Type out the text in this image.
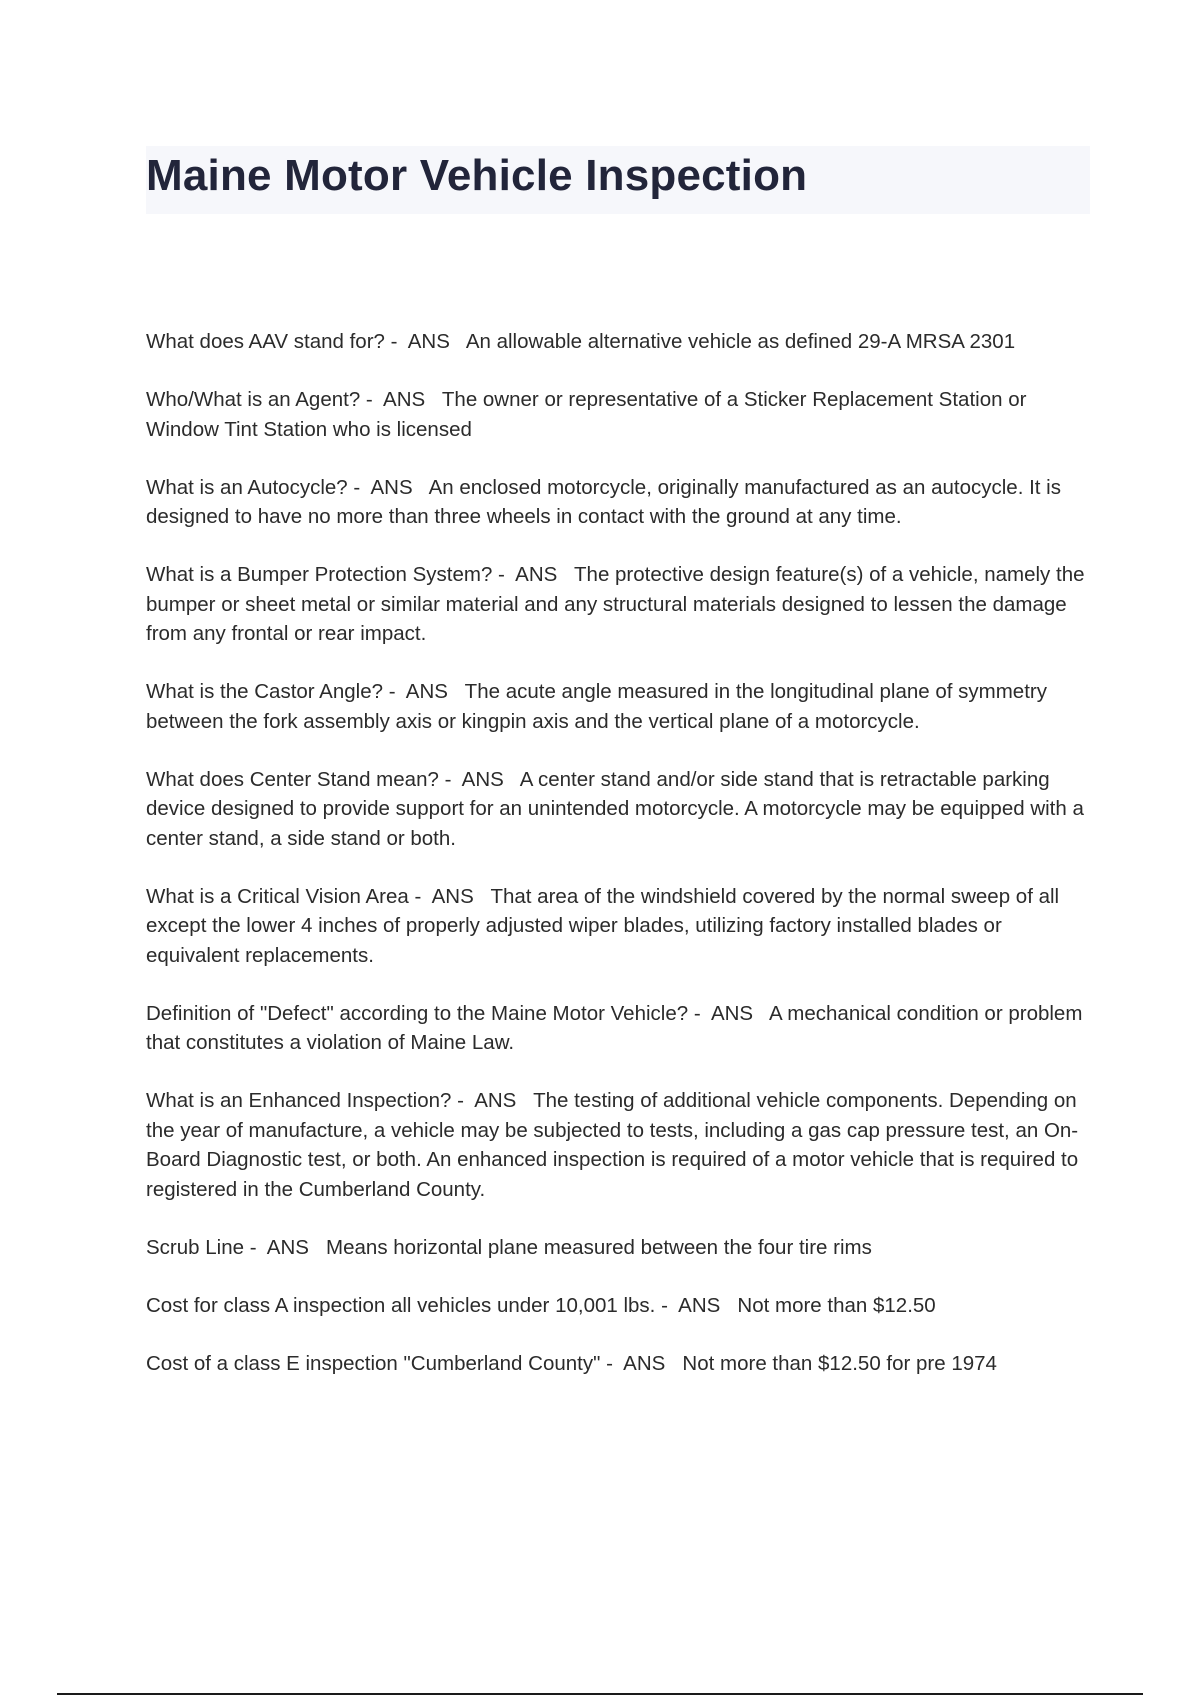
Maine Motor Vehicle Inspection
What does AAV stand for? -  ANS   An allowable alternative vehicle as defined 29-A MRSA 2301
Who/What is an Agent? -  ANS   The owner or representative of a Sticker Replacement Station or Window Tint Station who is licensed
What is an Autocycle? -  ANS   An enclosed motorcycle, originally manufactured as an autocycle. It is designed to have no more than three wheels in contact with the ground at any time.
What is a Bumper Protection System? -  ANS   The protective design feature(s) of a vehicle, namely the bumper or sheet metal or similar material and any structural materials designed to lessen the damage from any frontal or rear impact.
What is the Castor Angle? -  ANS   The acute angle measured in the longitudinal plane of symmetry between the fork assembly axis or kingpin axis and the vertical plane of a motorcycle.
What does Center Stand mean? -  ANS   A center stand and/or side stand that is retractable parking device designed to provide support for an unintended motorcycle. A motorcycle may be equipped with a center stand, a side stand or both.
What is a Critical Vision Area -  ANS   That area of the windshield covered by the normal sweep of all except the lower 4 inches of properly adjusted wiper blades, utilizing factory installed blades or equivalent replacements.
Definition of "Defect" according to the Maine Motor Vehicle? -  ANS   A mechanical condition or problem that constitutes a violation of Maine Law.
What is an Enhanced Inspection? -  ANS   The testing of additional vehicle components. Depending on the year of manufacture, a vehicle may be subjected to tests, including a gas cap pressure test, an On-Board Diagnostic test, or both. An enhanced inspection is required of a motor vehicle that is required to registered in the Cumberland County.
Scrub Line -  ANS   Means horizontal plane measured between the four tire rims
Cost for class A inspection all vehicles under 10,001 lbs. -  ANS   Not more than $12.50
Cost of a class E inspection "Cumberland County" -  ANS   Not more than $12.50 for pre 1974
